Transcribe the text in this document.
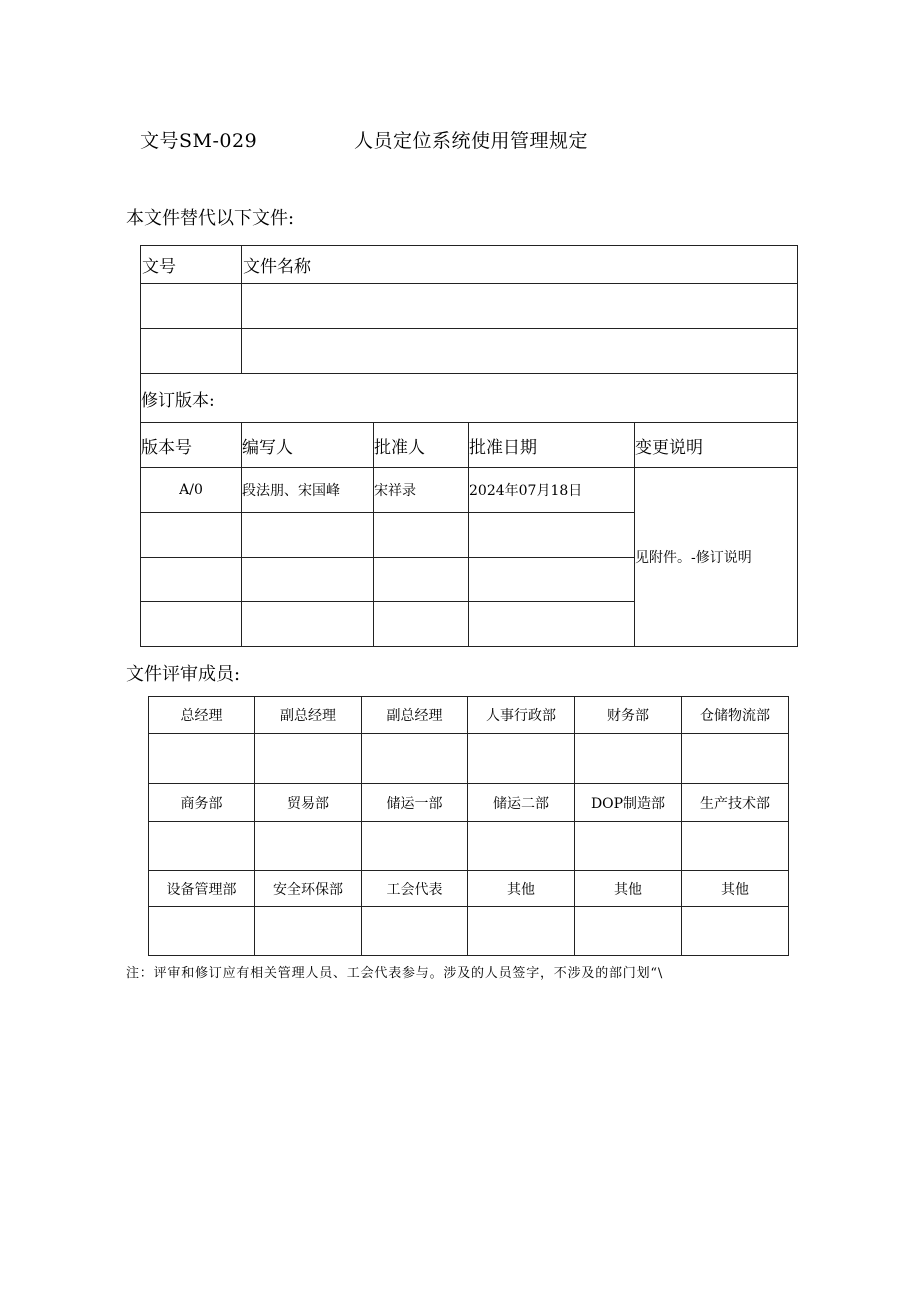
文号SM-029	人员定位系统使用管理规定
本文件替代以下文件:
文号	文件名称			

修订版本:				
版本号	编写人	批准人	批准日期	变更说明
A/0	段法朋、宋国峰	宋祥录	2024年07月18日	见附件。-修订说明

文件评审成员:
总经理	副总经理	副总经理	人事行政部	财务部	仓储物流部

商务部	贸易部	储运一部	储运二部	DOP制造部	生产技术部

设备管理部	安全环保部	工会代表	其他	其他	其他

注：评审和修订应有相关管理人员、工会代表参与。涉及的人员签字，不涉及的部门划“\
